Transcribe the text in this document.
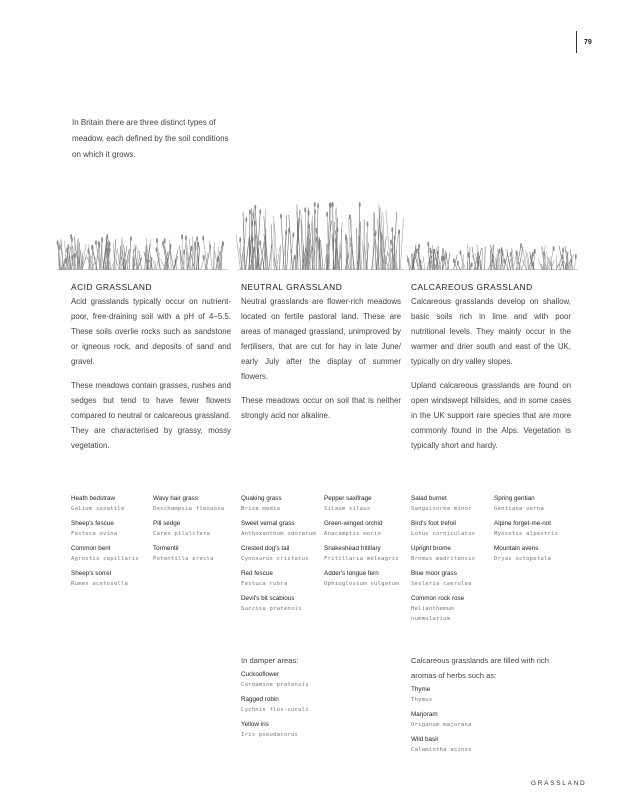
79
In Britain there are three distinct types of meadow, each defined by the soil conditions on which it grows.
ACID GRASSLAND

Acid grasslands typically occur on nutrient-poor, free-draining soil with a pH of 4–5.5. These soils overlie rocks such as sandstone or igneous rock, and deposits of sand and gravel.

These meadows contain grasses, rushes and sedges but tend to have fewer flowers compared to neutral or calcareous grassland. They are characterised by grassy, mossy vegetation.

Heath bedstraw
Galium saxatile
Sheep's fescue
Festuca ovina
Common bent
Agrostis capillaris
Sheep's sorrel
Rumex acetosella
Wavy hair grass
Deschampsia flexuosa
Pill sedge
Carex pilulifera
Tormentil
Potentilla erecta
NEUTRAL GRASSLAND

Neutral grasslands are flower-rich meadows located on fertile pastoral land. These are areas of managed grassland, unimproved by fertilisers, that are cut for hay in late June/ early July after the display of summer flowers.

These meadows occur on soil that is neither strongly acid nor alkaline.

Quaking grass
Briza media
Sweet vernal grass
Anthoxanthum odoratum
Crested dog's tail
Cynosurus cristatus
Red fescue
Festuca rubra
Devil's bit scabious
Succisa pratensis
Pepper saxifrage
Silaum silaus
Green-winged orchid
Anacamptis morio
Snakeshead fritillary
Fritillaria meleagris
Adder's tongue fern
Ophioglossum vulgatum
In damper areas:
Cuckooflower
Cardamine pratensis
Ragged robin
Lychnis flos-cuculi
Yellow iris
Iris pseudacorus
CALCAREOUS GRASSLAND

Calcareous grasslands develop on shallow, basic soils rich in lime and with poor nutritional levels. They mainly occur in the warmer and drier south and east of the UK, typically on dry valley slopes.

Upland calcareous grasslands are found on open windswept hillsides, and in some cases in the UK support rare species that are more commonly found in the Alps. Vegetation is typically short and hardy.

Salad burnet
Sanguisorba minor
Bird's foot trefoil
Lotus corniculatus
Upright brome
Bromus madritensis
Blue moor grass
Sesleria caerulea
Common rock rose
Helianthemum nummularium
Spring gentian
Gentiana verna
Alpine forget-me-not
Myosotis alpestris
Mountain avens
Dryas octopetala
Calcareous grasslands are filled with rich aromas of herbs such as:
Thyme
Thymus
Marjoram
Origanum majorana
Wild basil
Calamintha acinos
GRASSLAND
